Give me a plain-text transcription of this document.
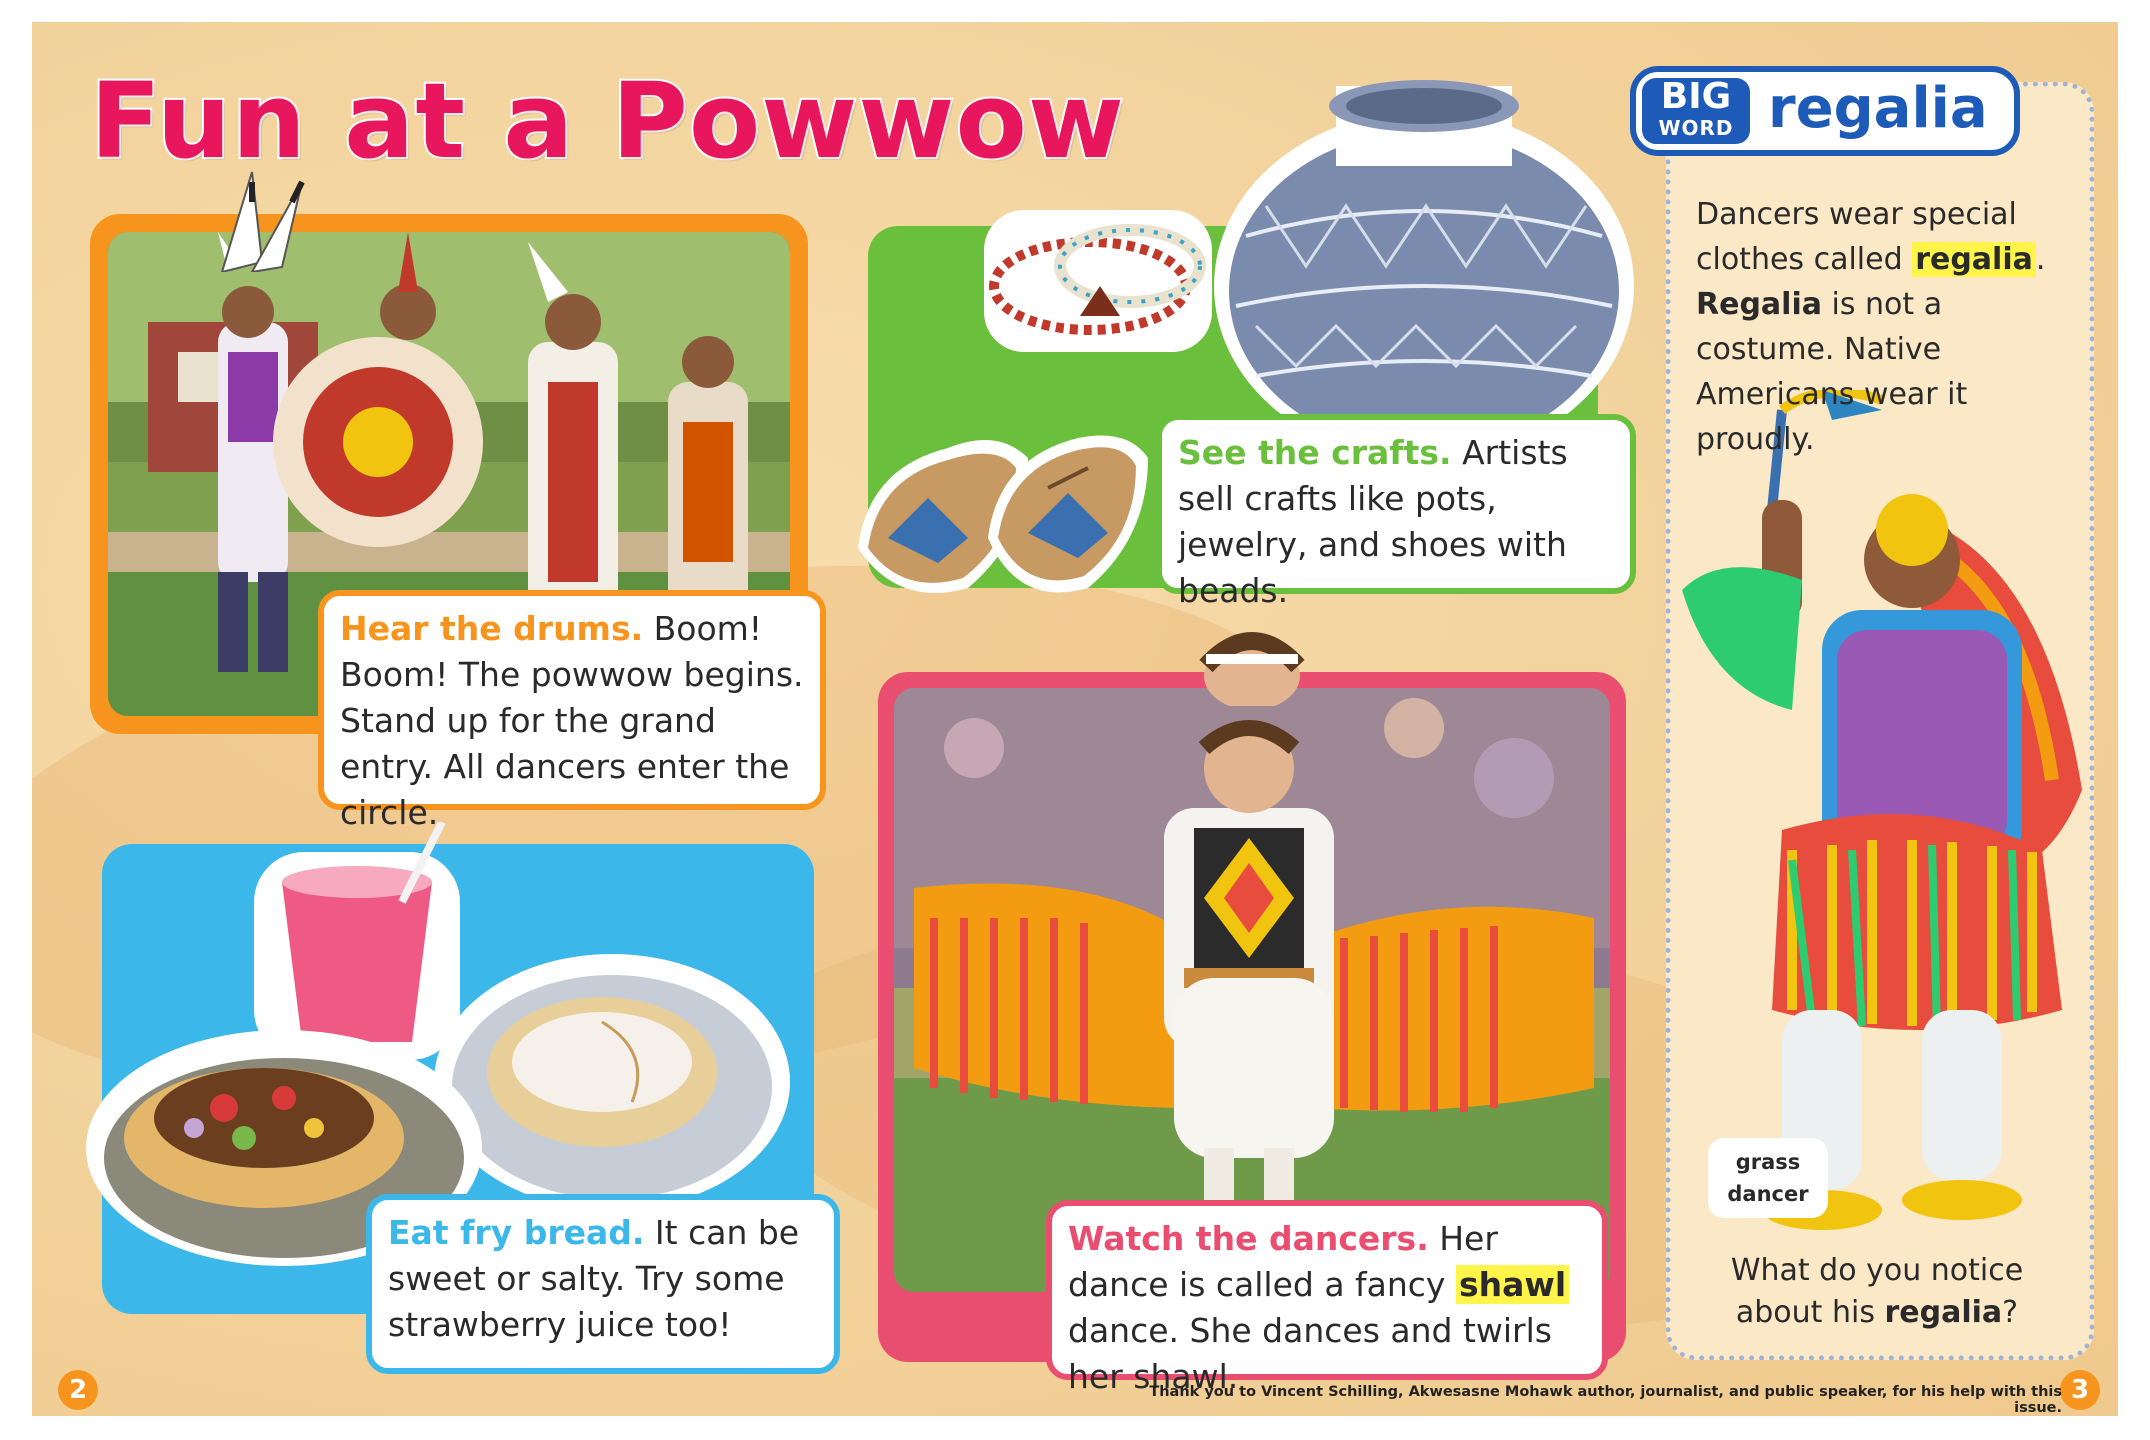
Fun at a Powwow
Hear the drums. Boom! Boom! The powwow begins. Stand up for the grand entry. All dancers enter the circle.
See the crafts. Artists sell crafts like pots, jewelry, and shoes with beads.
Eat fry bread. It can be sweet or salty. Try some strawberry juice too!
Watch the dancers. Her dance is called a fancy shawl dance. She dances and twirls her shawl.
BIG
WORD regalia
Dancers wear special clothes called regalia . Regalia is not a costume. Native Americans wear it proudly.
grass dancer
What do you notice about his regalia?
2	3
Thank you to Vincent Schilling, Akwesasne Mohawk author, journalist, and public speaker, for his help with this issue.
